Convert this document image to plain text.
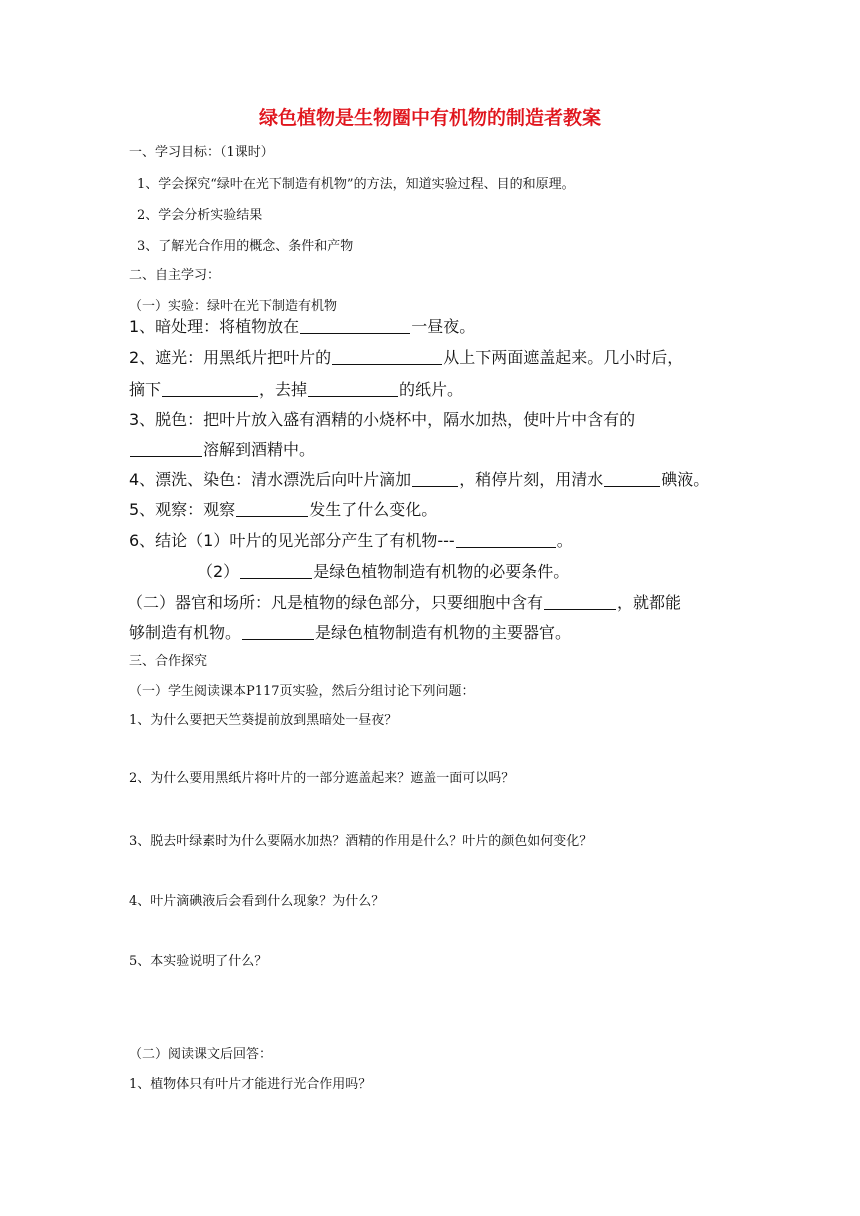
绿色植物是生物圈中有机物的制造者教案
一、学习目标：（1课时）
1、学会探究“绿叶在光下制造有机物”的方法，知道实验过程、目的和原理。
2、学会分析实验结果
3、了解光合作用的概念、条件和产物
二、自主学习：
（一）实验：绿叶在光下制造有机物
1、暗处理：将植物放在	一昼夜。
2、遮光：用黑纸片把叶片的	从上下两面遮盖起来。几小时后，
摘下	，去掉	的纸片。
3、脱色：把叶片放入盛有酒精的小烧杯中，隔水加热，使叶片中含有的
溶解到酒精中。
4、漂洗、染色：清水漂洗后向叶片滴加	，稍停片刻，用清水	碘液。
5、观察：观察	发生了什么变化。
6、结论（1）叶片的见光部分产生了有机物---	。
（2）	是绿色植物制造有机物的必要条件。
（二）器官和场所：凡是植物的绿色部分，只要细胞中含有	，就都能
够制造有机物。	是绿色植物制造有机物的主要器官。
三、合作探究
（一）学生阅读课本P117页实验，然后分组讨论下列问题：
1、为什么要把天竺葵提前放到黑暗处一昼夜？
2、为什么要用黑纸片将叶片的一部分遮盖起来？遮盖一面可以吗？
3、脱去叶绿素时为什么要隔水加热？酒精的作用是什么？叶片的颜色如何变化？
4、叶片滴碘液后会看到什么现象？为什么？
5、本实验说明了什么？
（二）阅读课文后回答：
1、植物体只有叶片才能进行光合作用吗？
